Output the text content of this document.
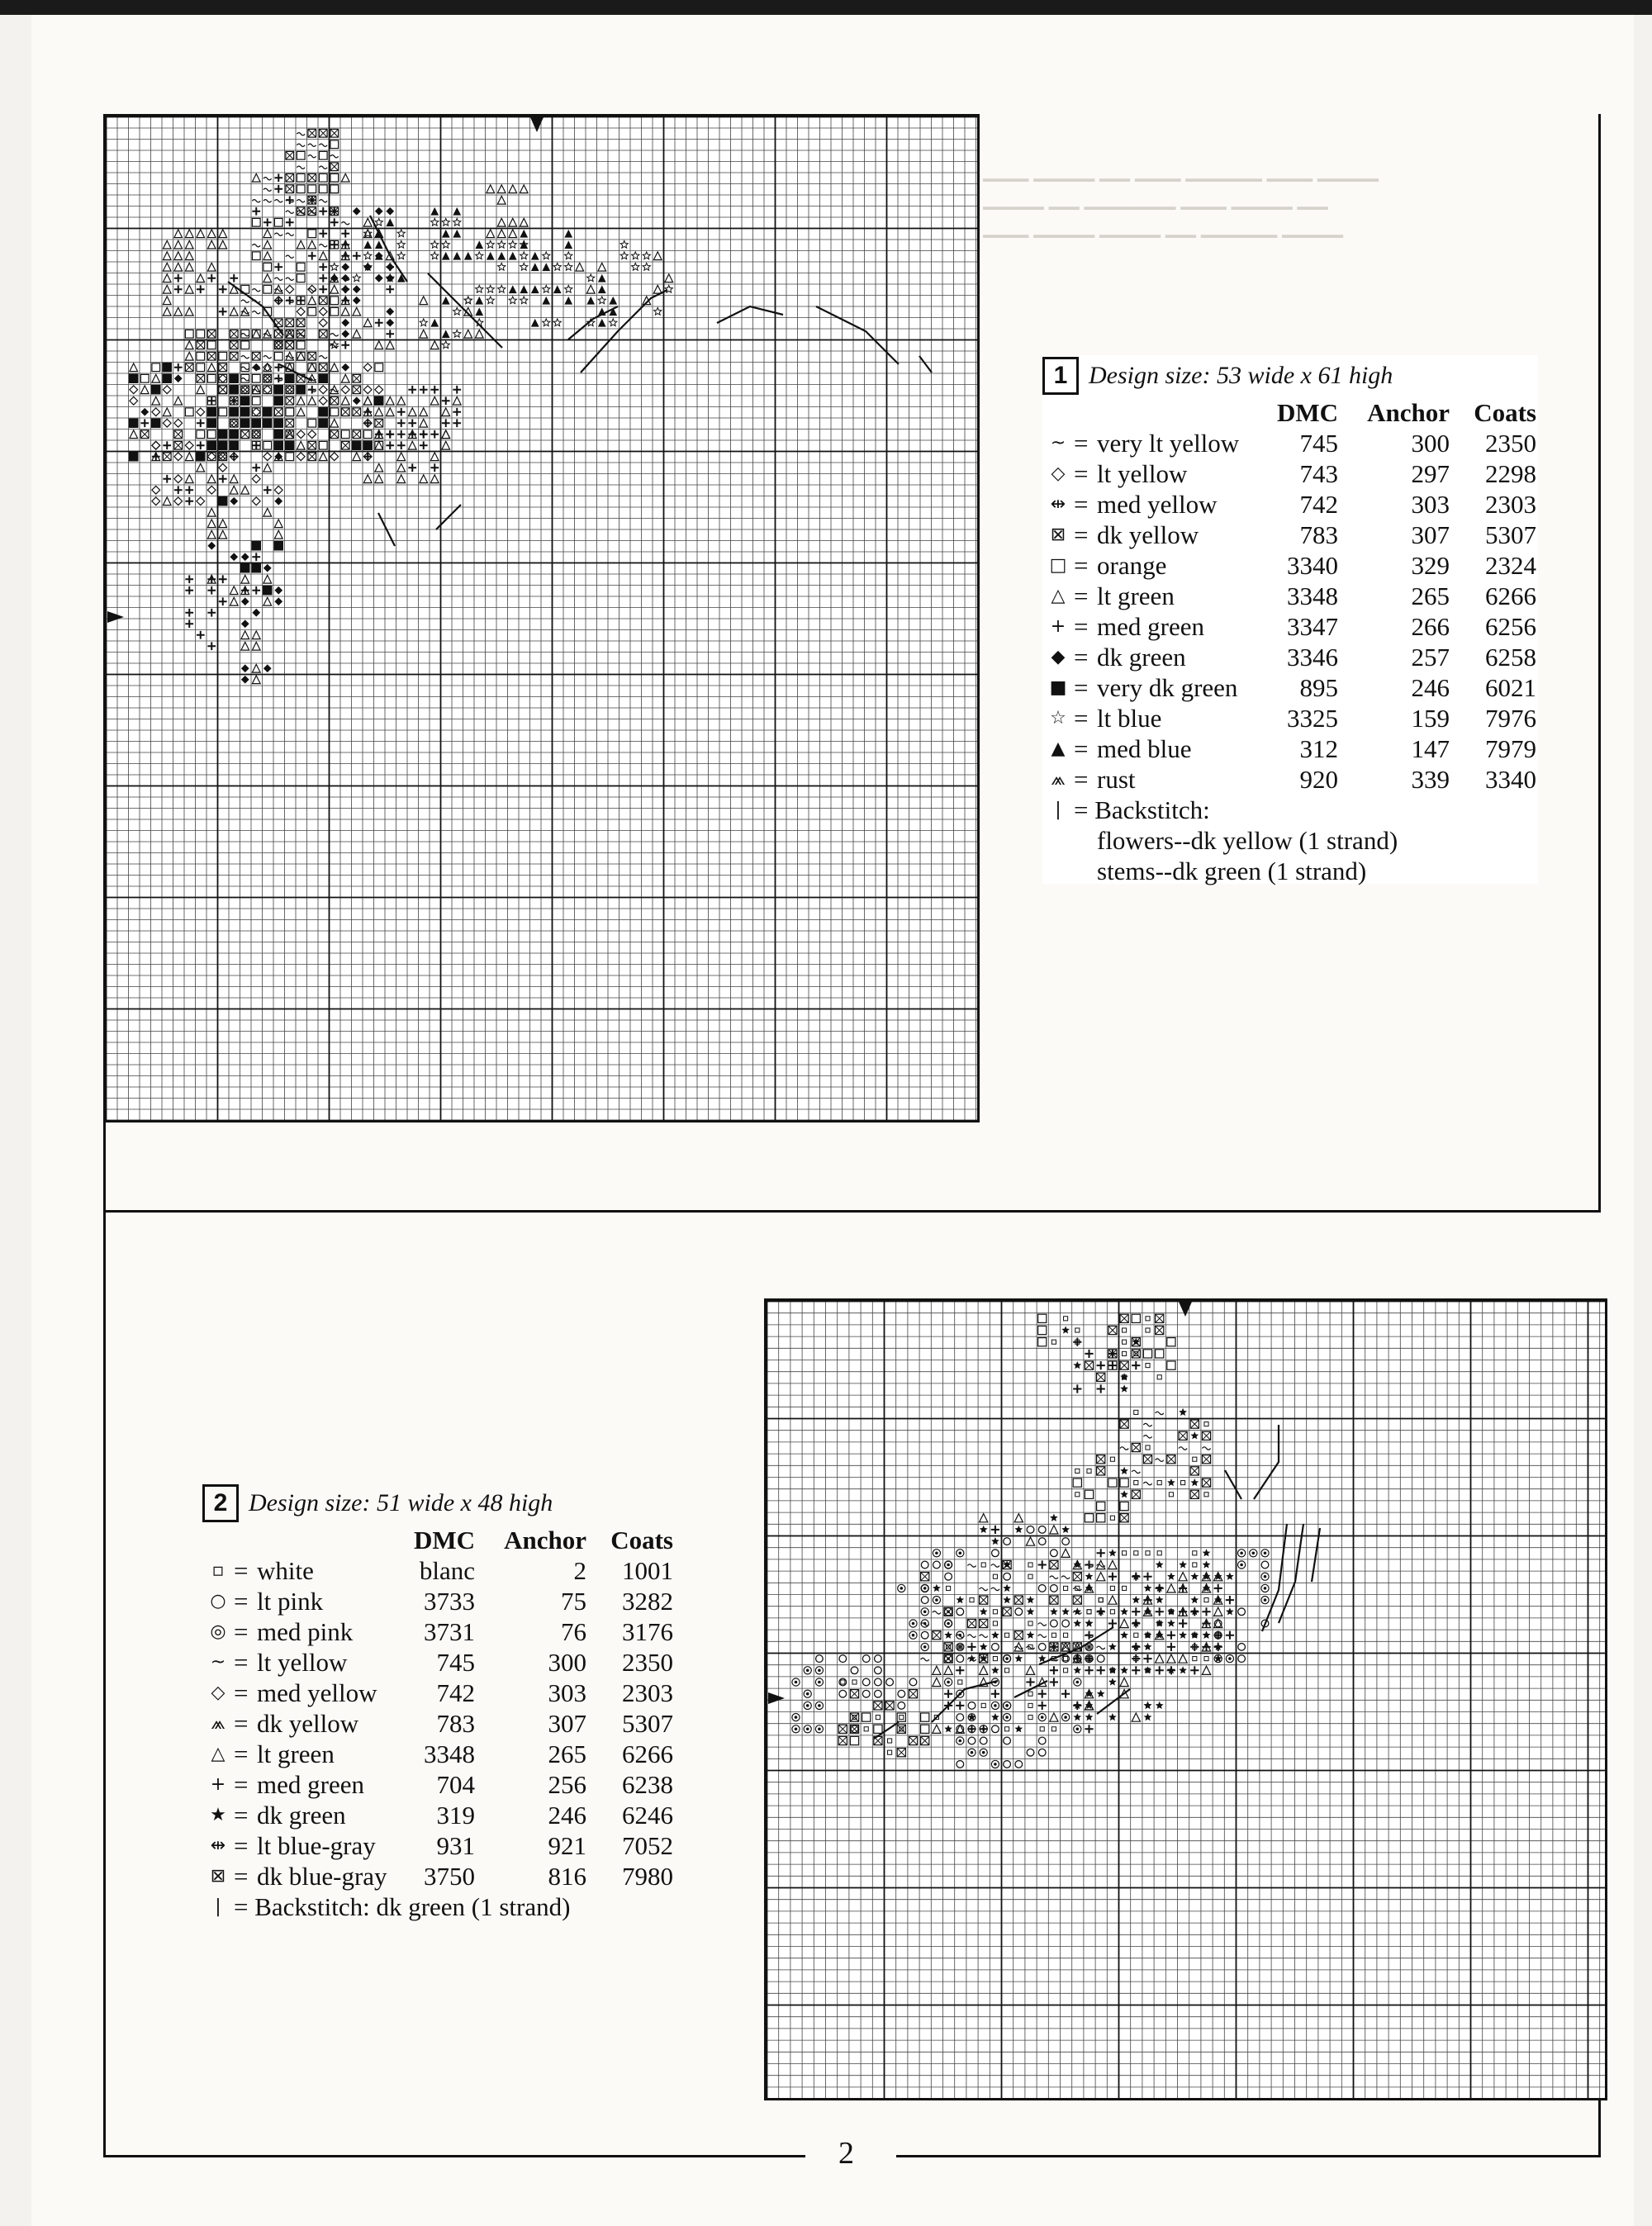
▁▁▁ ▁▁▁▁ ▁▁ ▁▁▁ ▁▁▁▁▁ ▁▁▁ ▁▁▁▁
▁▁▁▁ ▁▁ ▁▁▁▁▁▁ ▁▁▁ ▁▁▁▁ ▁▁
▁▁▁ ▁▁▁▁ ▁▁▁▁ ▁▁ ▁▁▁▁▁ ▁▁▁▁
1 Design size: 53 wide x 61 high
DMC	Anchor Coats
~ = very lt yellow	745	300	2350
◇ = lt yellow	743	297	2298
⇹ = med yellow	742	303	2303
⊠ = dk yellow	783	307	5307
□ = orange	3340	329	2324
△ = lt green	3348	265	6266
+ = med green	3347	266	6256
◆ = dk green	3346	257	6258
■ = very dk green	895	246	6021
☆ = lt blue	3325	159	7976
▲ = med blue	312	147	7979
⩕ = rust	920	339	3340
| = Backstitch:
flowers--dk yellow (1 strand)
stems--dk green (1 strand)
2 Design size: 51 wide x 48 high
DMC	Anchor Coats
▫ = white	blanc	2	1001
○ = lt pink	3733	75	3282
◎ = med pink	3731	76	3176
~ = lt yellow	745	300	2350
◇ = med yellow	742	303	2303
⩕ = dk yellow	783	307	5307
△ = lt green	3348	265	6266
+ = med green	704	256	6238
★ = dk green	319	246	6246
⇹ = lt blue-gray	931	921	7052
⊠ = dk blue-gray	3750	816	7980
| = Backstitch: dk green (1 strand)
2
